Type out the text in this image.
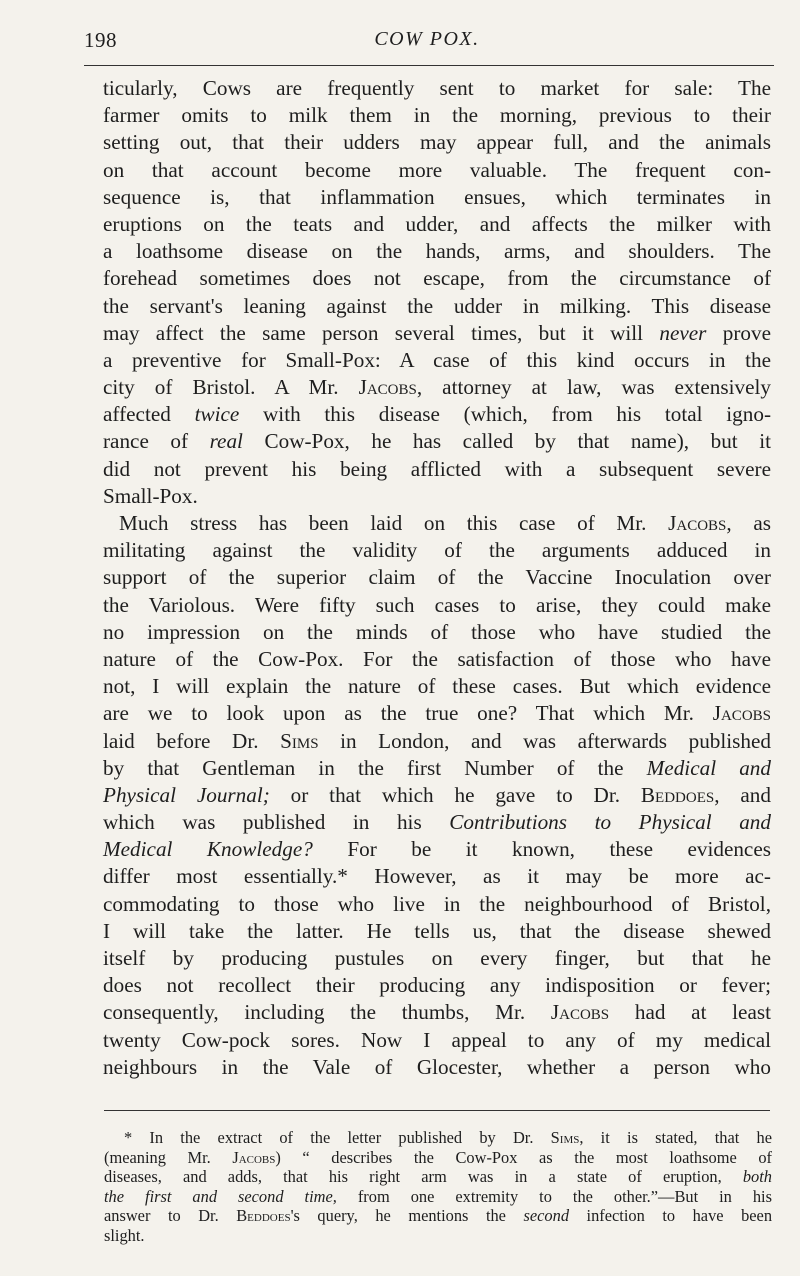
198	COW POX.
ticularly, Cows are frequently sent to market for sale: The
farmer omits to milk them in the morning, previous to their
setting out, that their udders may appear full, and the animals
on that account become more valuable. The frequent con-
sequence is, that inflammation ensues, which terminates in
eruptions on the teats and udder, and affects the milker with
a loathsome disease on the hands, arms, and shoulders. The
forehead sometimes does not escape, from the circumstance of
the servant's leaning against the udder in milking. This disease
may affect the same person several times, but it will never prove
a preventive for Small-Pox: A case of this kind occurs in the
city of Bristol. A Mr. Jacobs, attorney at law, was extensively
affected twice with this disease (which, from his total igno-
rance of real Cow-Pox, he has called by that name), but it
did not prevent his being afflicted with a subsequent severe
Small-Pox.
Much stress has been laid on this case of Mr. Jacobs, as
militating against the validity of the arguments adduced in
support of the superior claim of the Vaccine Inoculation over
the Variolous. Were fifty such cases to arise, they could make
no impression on the minds of those who have studied the
nature of the Cow-Pox. For the satisfaction of those who have
not, I will explain the nature of these cases. But which evidence
are we to look upon as the true one? That which Mr. Jacobs
laid before Dr. Sims in London, and was afterwards published
by that Gentleman in the first Number of the Medical and
Physical Journal; or that which he gave to Dr. Beddoes, and
which was published in his Contributions to Physical and
Medical Knowledge? For be it known, these evidences
differ most essentially.* However, as it may be more ac-
commodating to those who live in the neighbourhood of Bristol,
I will take the latter. He tells us, that the disease shewed
itself by producing pustules on every finger, but that he
does not recollect their producing any indisposition or fever;
consequently, including the thumbs, Mr. Jacobs had at least
twenty Cow-pock sores. Now I appeal to any of my medical
neighbours in the Vale of Glocester, whether a person who
* In the extract of the letter published by Dr. Sims, it is stated, that he
(meaning Mr. Jacobs) “ describes the Cow-Pox as the most loathsome of
diseases, and adds, that his right arm was in a state of eruption, both
the first and second time, from one extremity to the other.”—But in his
answer to Dr. Beddoes's query, he mentions the second infection to have been
slight.
